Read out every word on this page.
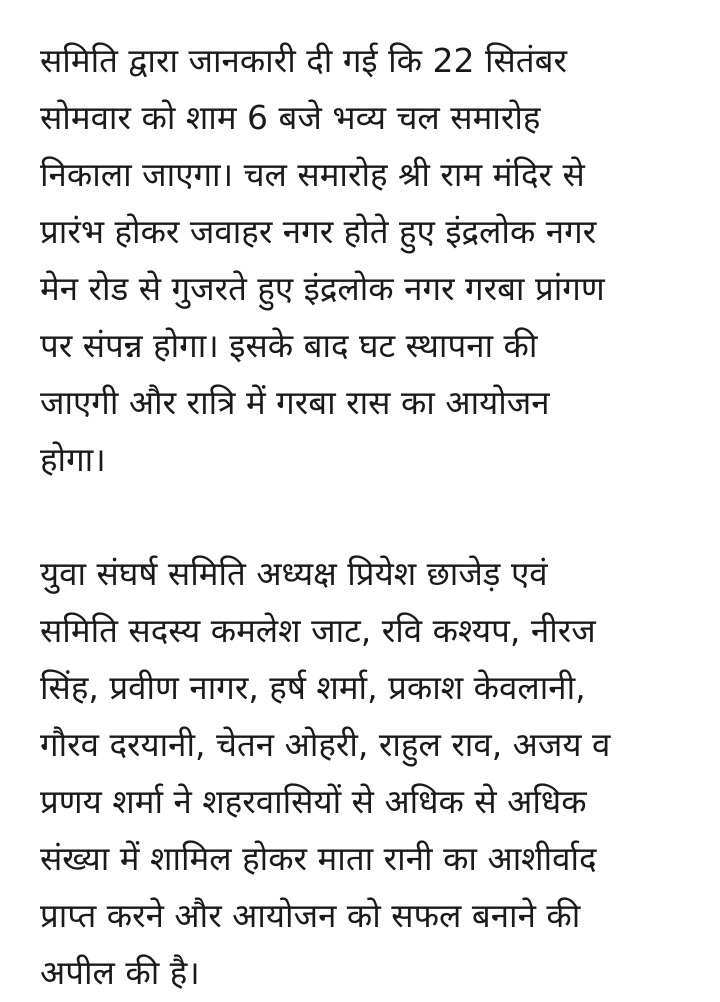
समिति द्वारा जानकारी दी गई कि 22 सितंबर
सोमवार को शाम 6 बजे भव्य चल समारोह
निकाला जाएगा। चल समारोह श्री राम मंदिर से
प्रारंभ होकर जवाहर नगर होते हुए इंद्रलोक नगर
मेन रोड से गुजरते हुए इंद्रलोक नगर गरबा प्रांगण
पर संपन्न होगा। इसके बाद घट स्थापना की
जाएगी और रात्रि में गरबा रास का आयोजन
होगा।

युवा संघर्ष समिति अध्यक्ष प्रियेश छाजेड़ एवं
समिति सदस्य कमलेश जाट, रवि कश्यप, नीरज
सिंह, प्रवीण नागर, हर्ष शर्मा, प्रकाश केवलानी,
गौरव दरयानी, चेतन ओहरी, राहुल राव, अजय व
प्रणय शर्मा ने शहरवासियों से अधिक से अधिक
संख्या में शामिल होकर माता रानी का आशीर्वाद
प्राप्त करने और आयोजन को सफल बनाने की
अपील की है।
